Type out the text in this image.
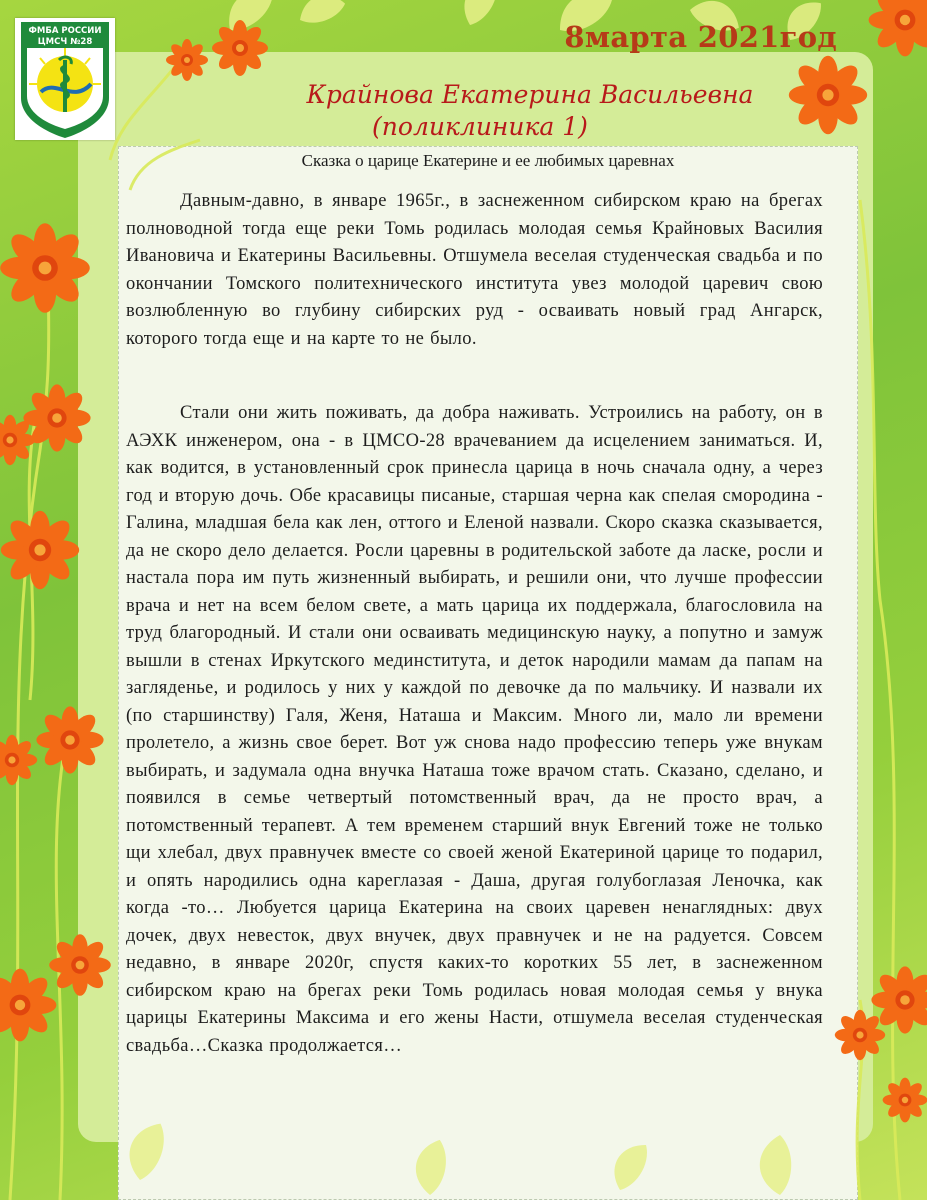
ФМБА РОССИИ
ЦМСЧ №28	8марта 2021год
Крайнова Екатерина Васильевна
(поликлиника 1)
Сказка о царице Екатерине и ее любимых царевнах

Давным-давно, в январе 1965г., в заснеженном сибирском краю на брегах полноводной тогда еще реки Томь родилась молодая семья Крайновых Василия Ивановича и Екатерины Васильевны. Отшумела веселая студенческая свадьба и по окончании Томского политехнического института увез молодой царевич свою возлюбленную во глубину сибирских руд - осваивать новый град Ангарск, которого тогда еще и на карте то не было.

Стали они жить поживать, да добра наживать. Устроились на работу, он в АЭХК инженером, она - в ЦМСО-28 врачеванием да исцелением заниматься. И, как водится, в установленный срок принесла царица в ночь сначала одну, а через год и вторую дочь. Обе красавицы писаные, старшая черна как спелая смородина - Галина, младшая бела как лен, оттого и Еленой назвали. Скоро сказка сказывается, да не скоро дело делается. Росли царевны в родительской заботе да ласке, росли и настала пора им путь жизненный выбирать, и решили они, что лучше профессии врача и нет на всем белом свете, а мать царица их поддержала, благословила на труд благородный. И стали они осваивать медицинскую науку, а попутно и замуж вышли в стенах Иркутского мединститута, и деток народили мамам да папам на загляденье, и родилось у них у каждой по девочке да по мальчику. И назвали их (по старшинству) Галя, Женя, Наташа и Максим. Много ли, мало ли времени пролетело, а жизнь свое берет. Вот уж снова надо профессию теперь уже внукам выбирать, и задумала одна внучка Наташа тоже врачом стать. Сказано, сделано, и появился в семье четвертый потомственный врач, да не просто врач, а потомственный терапевт. А тем временем старший внук Евгений тоже не только щи хлебал, двух правнучек вместе со своей женой Екатериной царице то подарил, и опять народились одна кареглазая - Даша, другая голубоглазая Леночка, как когда -то… Любуется царица Екатерина на своих царевен ненаглядных: двух дочек, двух невесток, двух внучек, двух правнучек и не на радуется. Совсем недавно, в январе 2020г, спустя каких-то коротких 55 лет, в заснеженном сибирском краю на брегах реки Томь родилась новая молодая семья у внука царицы Екатерины Максима и его жены Насти, отшумела веселая студенческая свадьба…Сказка продолжается…
